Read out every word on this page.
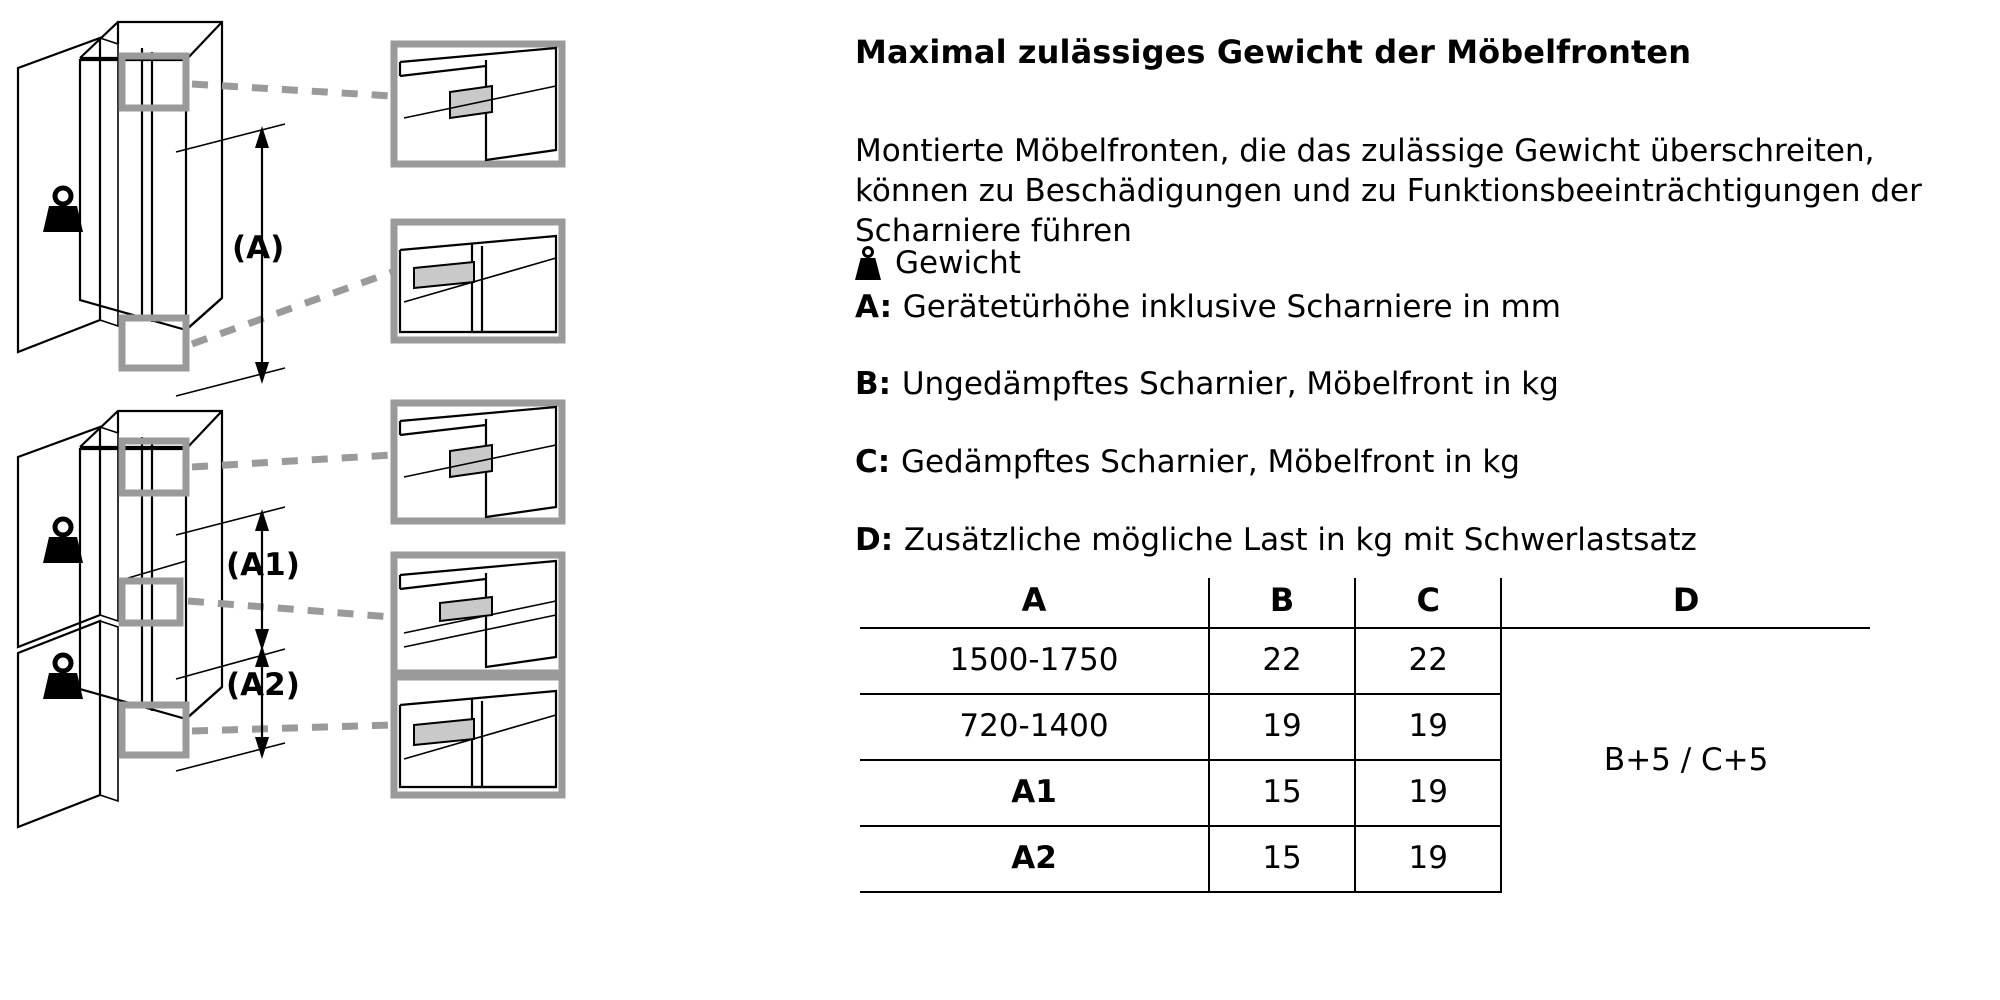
(A)
(A1)
(A2)
Maximal zulässiges Gewicht der Möbelfronten

Montierte Möbelfronten, die das zulässige Gewicht überschreiten, können zu Beschädigungen und zu Funktionsbeeinträchtigungen der Scharniere führen

Gewicht
A: Gerätetürhöhe inklusive Scharniere in mm
B: Ungedämpftes Scharnier, Möbelfront in kg
C: Gedämpftes Scharnier, Möbelfront in kg
D: Zusätzliche mögliche Last in kg mit Schwerlastsatz
A	B	C	D

1500-1750	22	22	B+5 / C+5
720-1400	19	19	
A1	15	19	
A2	15	19	
